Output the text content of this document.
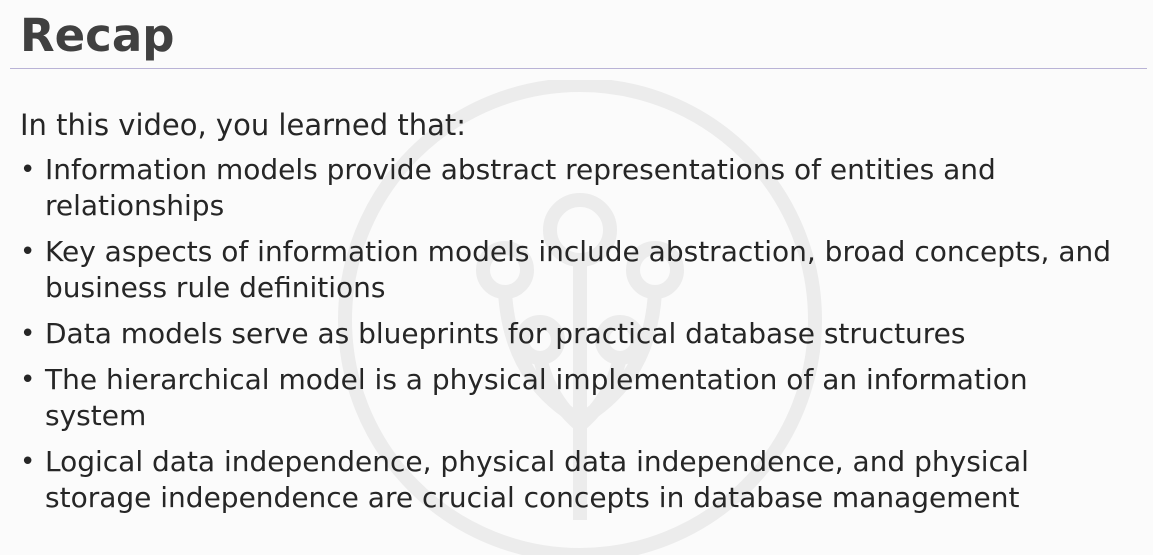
Recap

In this video, you learned that:

• Information models provide abstract representations of entities and relationships
• Key aspects of information models include abstraction, broad concepts, and business rule definitions
• Data models serve as blueprints for practical database structures
• The hierarchical model is a physical implementation of an information system
• Logical data independence, physical data independence, and physical storage independence are crucial concepts in database management
